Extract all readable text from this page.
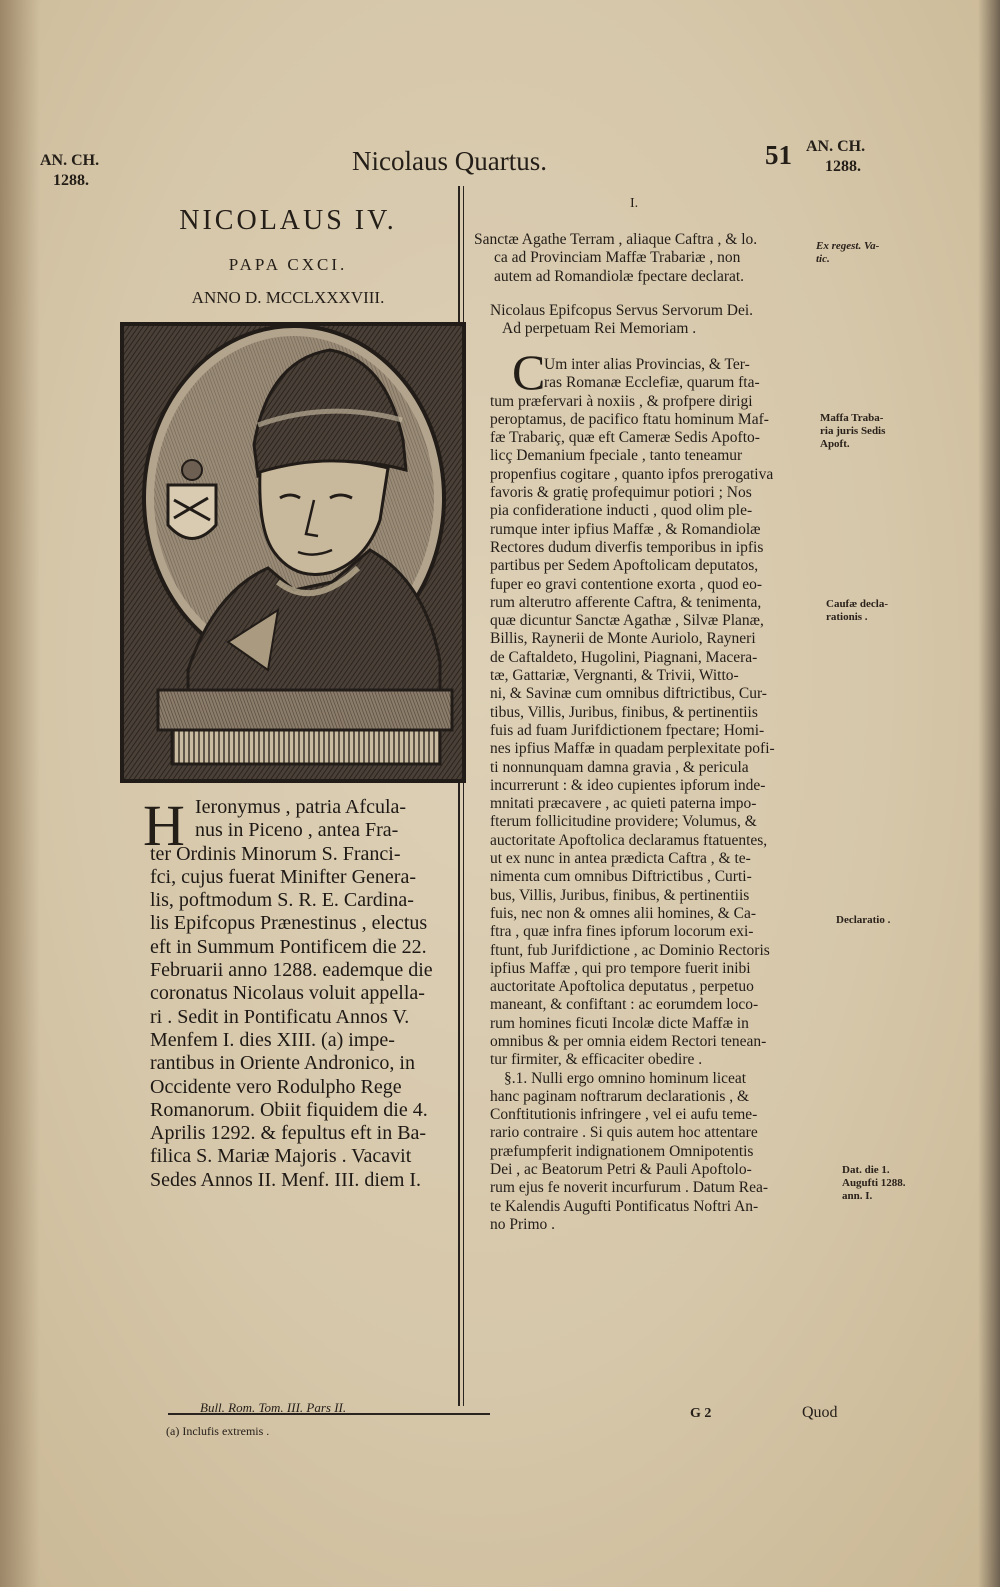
AN. CH.
1288.
Nicolaus Quartus.	51 AN. CH.
1288.
NICOLAUS IV.
PAPA CXCI.
ANNO D. MCCLXXXVIII.
H Ieronymus , patria Afcula-
nus in Piceno , antea Fra-
ter Ordinis Minorum S. Franci-
fci, cujus fuerat Minifter Genera-
lis, poftmodum S. R. E. Cardina-
lis Epifcopus Prænestinus , electus
eft in Summum Pontificem die 22.
Februarii anno 1288. eademque die
coronatus Nicolaus voluit appella-
ri . Sedit in Pontificatu Annos V.
Menfem I. dies XIII. (a) impe-
rantibus in Oriente Andronico, in
Occidente vero Rodulpho Rege
Romanorum. Obiit fiquidem die 4.
Aprilis 1292. & fepultus eft in Ba-
filica S. Mariæ Majoris . Vacavit
Sedes Annos II. Menf. III. diem I.
I.
Sanctæ Agathe Terram , aliaque Caftra , & lo.
ca ad Provinciam Maffæ Trabariæ , non
autem ad Romandiolæ fpectare declarat.
Nicolaus Epifcopus Servus Servorum Dei.
Ad perpetuam Rei Memoriam .
C
Um inter alias Provincias, & Ter-
ras Romanæ Ecclefiæ, quarum fta-
tum præfervari à noxiis , & profpere dirigi
peroptamus, de pacifico ftatu hominum Maf-
fæ Trabariç, quæ eft Cameræ Sedis Apofto-
licç Demanium fpeciale , tanto teneamur
propenfius cogitare , quanto ipfos prerogativa
favoris & gratię profequimur potiori ; Nos
pia confideratione inducti , quod olim ple-
rumque inter ipfius Maffæ , & Romandiolæ
Rectores dudum diverfis temporibus in ipfis
partibus per Sedem Apoftolicam deputatos,
fuper eo gravi contentione exorta , quod eo-
rum alterutro afferente Caftra, & tenimenta,
quæ dicuntur Sanctæ Agathæ , Silvæ Planæ,
Billis, Raynerii de Monte Auriolo, Rayneri
de Caftaldeto, Hugolini, Piagnani, Macera-
tæ, Gattariæ, Vergnanti, & Trivii, Witto-
ni, & Savinæ cum omnibus diftrictibus, Cur-
tibus, Villis, Juribus, finibus, & pertinentiis
fuis ad fuam Jurifdictionem fpectare; Homi-
nes ipfius Maffæ in quadam perplexitate pofi-
ti nonnunquam damna gravia , & pericula
incurrerunt : & ideo cupientes ipforum inde-
mnitati præcavere , ac quieti paterna impo-
fterum follicitudine providere; Volumus, &
auctoritate Apoftolica declaramus ftatuentes,
ut ex nunc in antea prædicta Caftra , & te-
nimenta cum omnibus Diftrictibus , Curti-
bus, Villis, Juribus, finibus, & pertinentiis
fuis, nec non & omnes alii homines, & Ca-
ftra , quæ infra fines ipforum locorum exi-
ftunt, fub Jurifdictione , ac Dominio Rectoris
ipfius Maffæ , qui pro tempore fuerit inibi
auctoritate Apoftolica deputatus , perpetuo
maneant, & confiftant : ac eorumdem loco-
rum homines ficuti Incolæ dicte Maffæ in
omnibus & per omnia eidem Rectori tenean-
tur firmiter, & efficaciter obedire .
§.1. Nulli ergo omnino hominum liceat
hanc paginam noftrarum declarationis , &
Conftitutionis infringere , vel ei aufu teme-
rario contraire . Si quis autem hoc attentare
præfumpferit indignationem Omnipotentis
Dei , ac Beatorum Petri & Pauli Apoftolo-
rum ejus fe noverit incurfurum . Datum Rea-
te Kalendis Augufti Pontificatus Noftri An-
no Primo .
Ex regest. Va-
tic.
Maffa Traba-
ria juris Sedis
Apoft.
Caufæ decla-
rationis .
Declaratio .
Dat. die 1.
Augufti 1288.
ann. I.
Bull. Rom. Tom. III. Pars II.
(a) Inclufis extremis .
G 2	Quod
